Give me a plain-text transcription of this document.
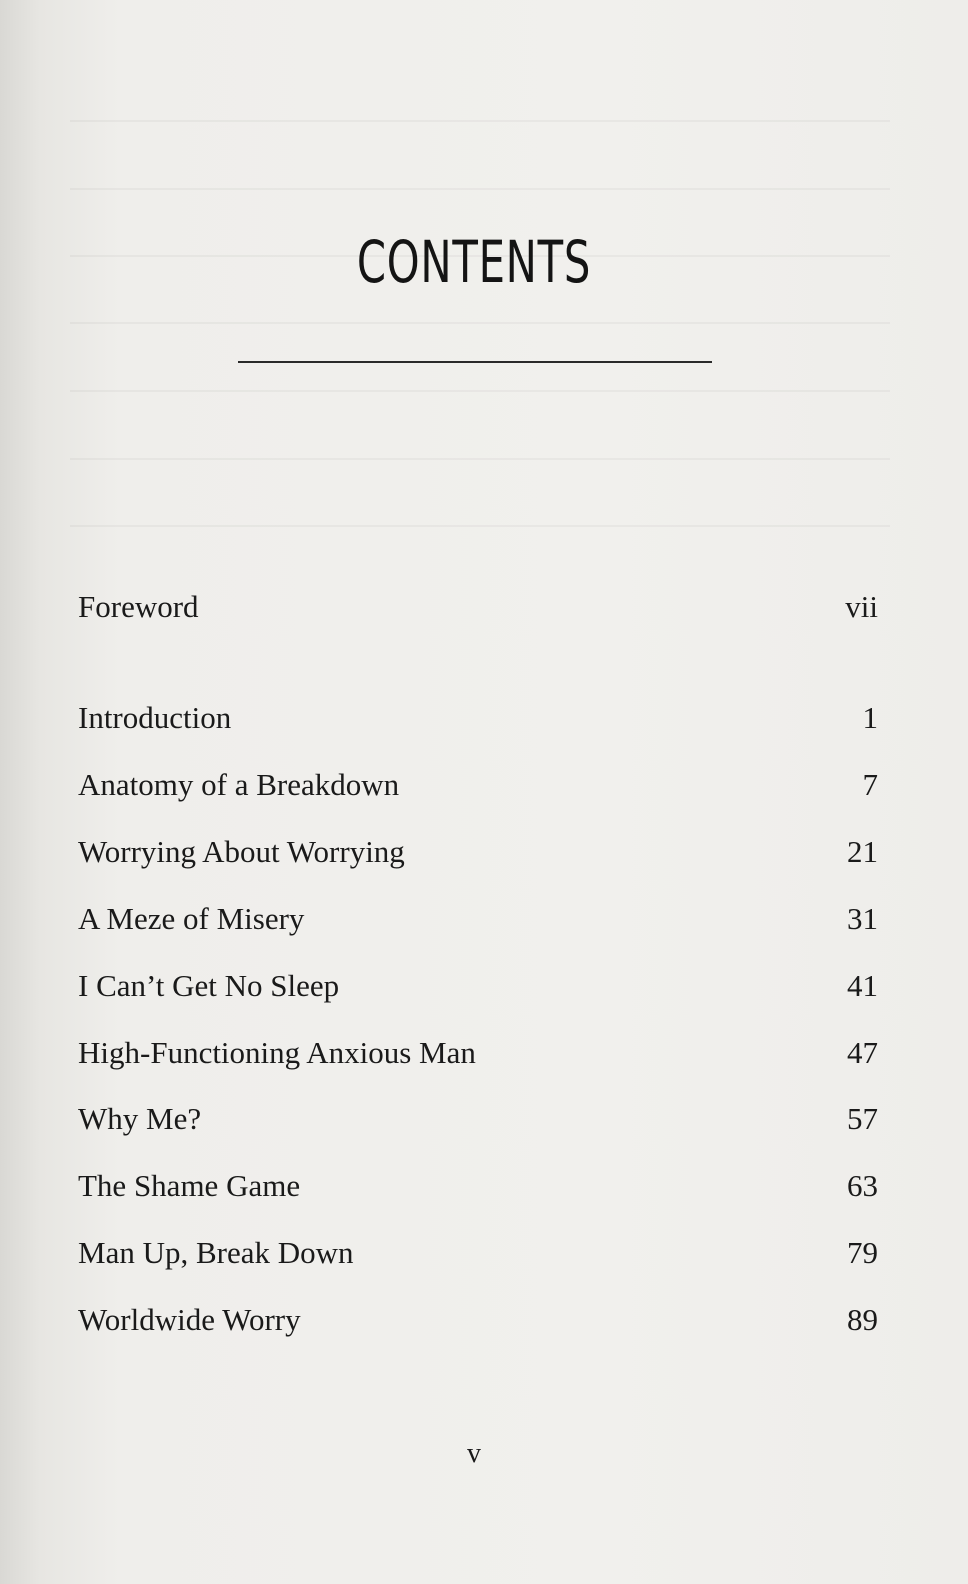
CONTENTS
Foreword	vii
Introduction	1
Anatomy of a Breakdown	7
Worrying About Worrying	21
A Meze of Misery	31
I Can’t Get No Sleep	41
High-Functioning Anxious Man	47
Why Me?	57
The Shame Game	63
Man Up, Break Down	79
Worldwide Worry	89
v
